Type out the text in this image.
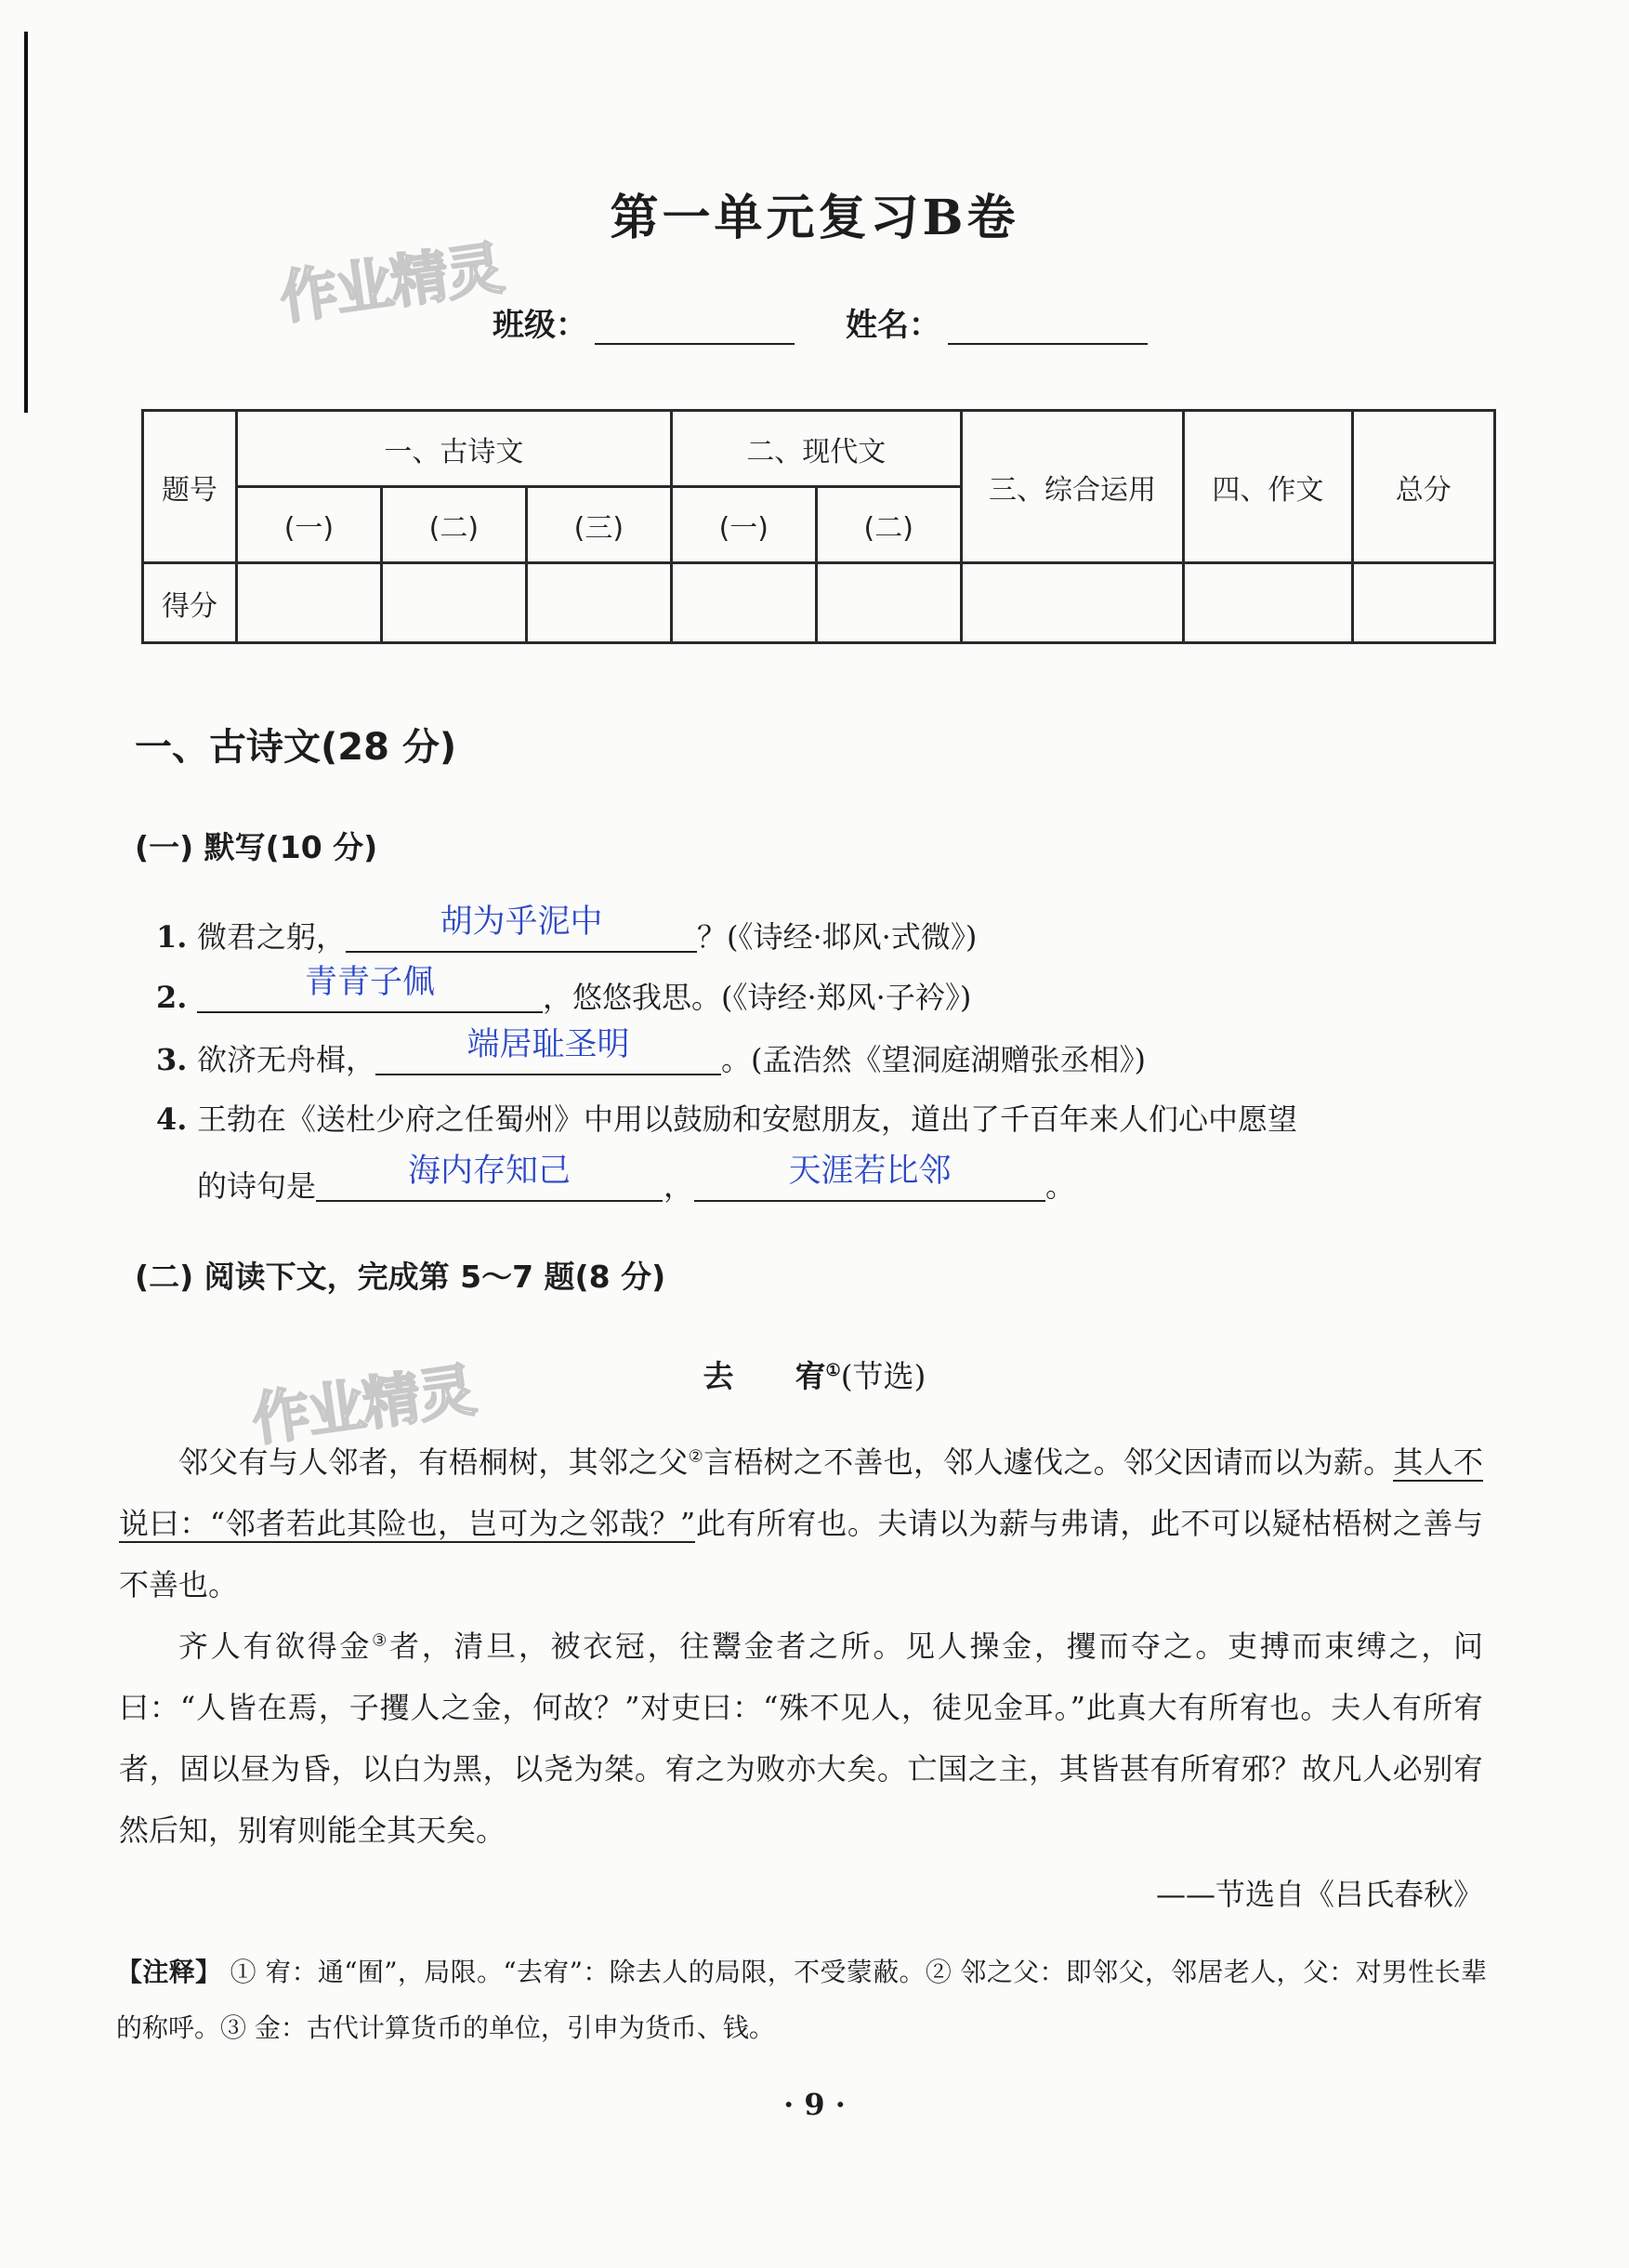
作业精灵
作业精灵
第一单元复习B卷
班级：	姓名：
题号	一、古诗文			二、现代文		三、综合运用	四、作文	总分
	(一)	(二)	(三)	(一)	(二)			
得分								
一、古诗文(28 分)
(一) 默写(10 分)
1. 微君之躬，	胡为乎泥中	？(《诗经·邶风·式微》)
2.	青青子佩	，悠悠我思。(《诗经·郑风·子衿》)
3. 欲济无舟楫，	端居耻圣明	。(孟浩然《望洞庭湖赠张丞相》)
4. 王勃在《送杜少府之任蜀州》中用以鼓励和安慰朋友，道出了千百年来人们心中愿望
的诗句是	海内存知己	，	天涯若比邻	。
(二) 阅读下文，完成第 5～7 题(8 分)
去　　宥①(节选)
邻父有与人邻者，有梧桐树，其邻之父②言梧树之不善也，邻人遽伐之。邻父因请而以为薪。其人不说曰：“邻者若此其险也，岂可为之邻哉？”此有所宥也。夫请以为薪与弗请，此不可以疑枯梧树之善与不善也。
齐人有欲得金③者，清旦，被衣冠，往鬻金者之所。见人操金，攫而夺之。吏搏而束缚之，问曰：“人皆在焉，子攫人之金，何故？”对吏曰：“殊不见人，徒见金耳。”此真大有所宥也。夫人有所宥者，固以昼为昏，以白为黑，以尧为桀。宥之为败亦大矣。亡国之主，其皆甚有所宥邪？故凡人必别宥然后知，别宥则能全其天矣。
——节选自《吕氏春秋》
【注释】 ① 宥：通“囿”，局限。“去宥”：除去人的局限，不受蒙蔽。② 邻之父：即邻父，邻居老人，父：对男性长辈的称呼。③ 金：古代计算货币的单位，引申为货币、钱。
· 9 ·
